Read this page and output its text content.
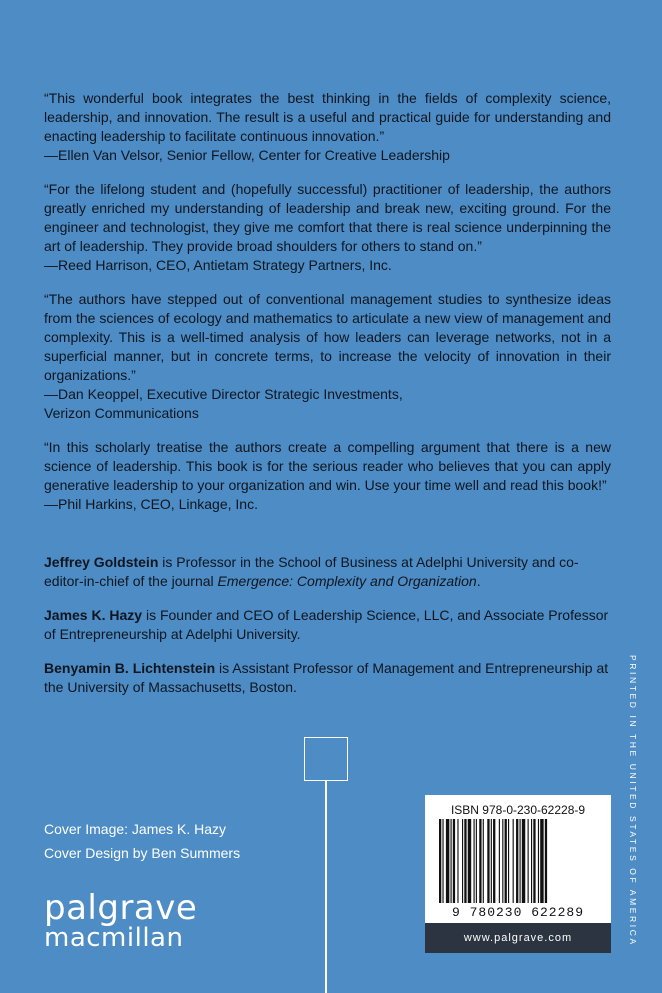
“This wonderful book integrates the best thinking in the fields of complexity science, leadership, and innovation. The result is a useful and practical guide for understanding and enacting leadership to facilitate continuous innovation.”

—Ellen Van Velsor, Senior Fellow, Center for Creative Leadership

“For the lifelong student and (hopefully successful) practitioner of leadership, the authors greatly enriched my understanding of leadership and break new, exciting ground. For the engineer and technologist, they give me comfort that there is real science underpinning the art of leadership. They provide broad shoulders for others to stand on.”

—Reed Harrison, CEO, Antietam Strategy Partners, Inc.

“The authors have stepped out of conventional management studies to synthesize ideas from the sciences of ecology and mathematics to articulate a new view of management and complexity. This is a well-timed analysis of how leaders can leverage networks, not in a superficial manner, but in concrete terms, to increase the velocity of innovation in their organizations.”

—Dan Keoppel, Executive Director Strategic Investments,

Verizon Communications

“In this scholarly treatise the authors create a compelling argument that there is a new science of leadership. This book is for the serious reader who believes that you can apply generative leadership to your organization and win. Use your time well and read this book!”

—Phil Harkins, CEO, Linkage, Inc.

Jeffrey Goldstein is Professor in the School of Business at Adelphi University and co-editor-in-chief of the journal Emergence: Complexity and Organization.

James K. Hazy is Founder and CEO of Leadership Science, LLC, and Associate Professor of Entrepreneurship at Adelphi University.

Benyamin B. Lichtenstein is Assistant Professor of Management and Entrepreneurship at the University of Massachusetts, Boston.

Cover Image: James K. Hazy
Cover Design by Ben Summers
palgrave
macmillan
ISBN 978-0-230-62228-9
9 780230 622289
www.palgrave.com	PRINTED IN THE UNITED STATES OF AMERICA
